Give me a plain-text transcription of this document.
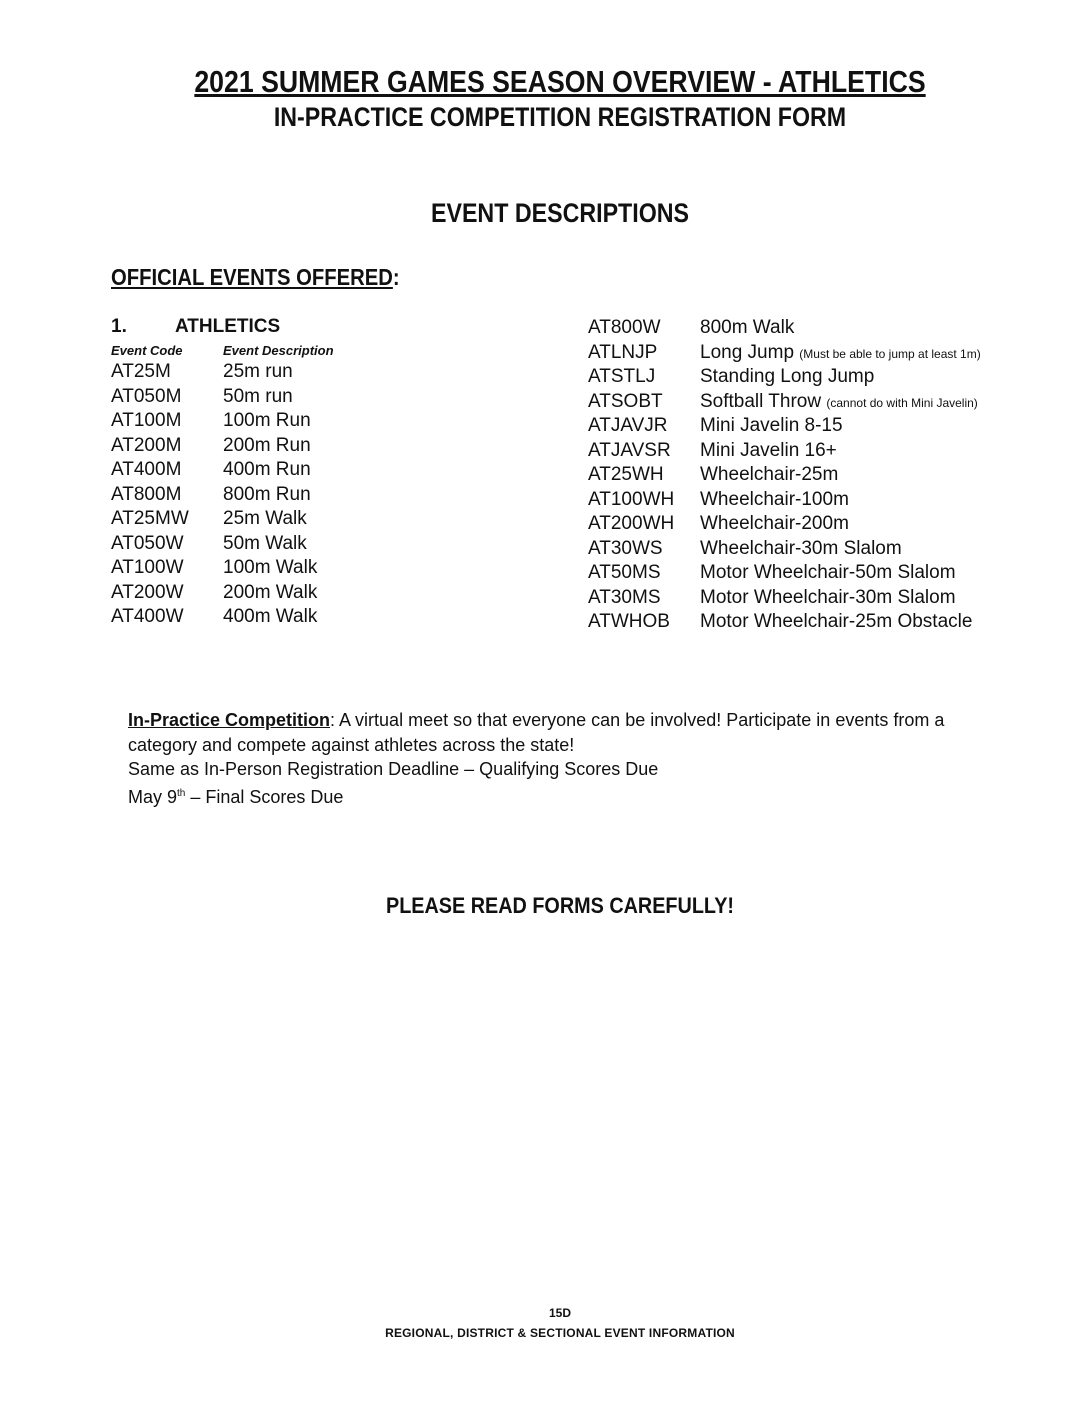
2021 SUMMER GAMES SEASON OVERVIEW - ATHLETICS
IN-PRACTICE COMPETITION REGISTRATION FORM
EVENT DESCRIPTIONS
OFFICIAL EVENTS OFFERED:
1.	ATHLETICS
Event Code	Event Description
AT25M	25m run
AT050M 50m run
AT100M 100m Run
AT200M 200m Run
AT400M 400m Run
AT800M 800m Run
AT25MW 25m Walk
AT050W 50m Walk
AT100W 100m Walk
AT200W 200m Walk
AT400W 400m Walk
AT800W 800m Walk
ATLNJP Long Jump (Must be able to jump at least 1m)
ATSTLJ Standing Long Jump
ATSOBT Softball Throw (cannot do with Mini Javelin)
ATJAVJR Mini Javelin 8-15
ATJAVSR Mini Javelin 16+
AT25WH Wheelchair-25m
AT100WH Wheelchair-100m
AT200WH Wheelchair-200m
AT30WS Wheelchair-30m Slalom
AT50MS Motor Wheelchair-50m Slalom
AT30MS Motor Wheelchair-30m Slalom
ATWHOB Motor Wheelchair-25m Obstacle
In-Practice Competition: A virtual meet so that everyone can be involved! Participate in events from a
category and compete against athletes across the state!
Same as In-Person Registration Deadline – Qualifying Scores Due
May 9th – Final Scores Due
PLEASE READ FORMS CAREFULLY!
15D
REGIONAL, DISTRICT & SECTIONAL EVENT INFORMATION
